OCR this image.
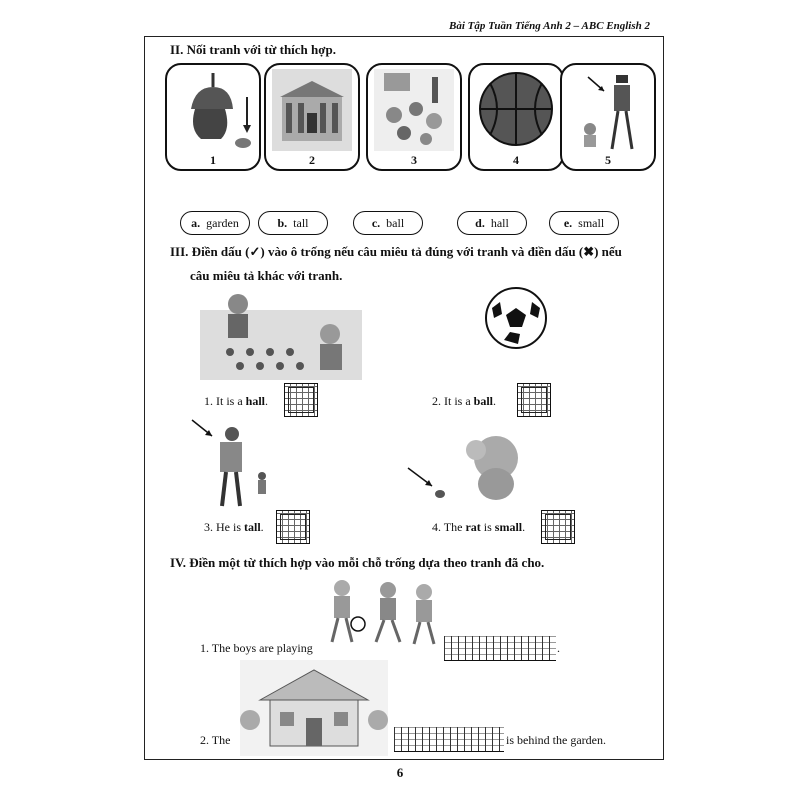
Bài Tập Tuần Tiếng Anh 2 – ABC English 2
II. Nối tranh với từ thích hợp.
1	2	3	4	5
a. garden	b. tall	c. ball	d. hall	e. small
III. Điền dấu (✓) vào ô trống nếu câu miêu tả đúng với tranh và điền dấu (✖) nếu
câu miêu tả khác với tranh.
1. It is a hall.	2. It is a ball.
3. He is tall.	4. The rat is small.
IV. Điền một từ thích hợp vào mỗi chỗ trống dựa theo tranh đã cho.
1. The boys are playing	.
2. The	is behind the garden.
6
